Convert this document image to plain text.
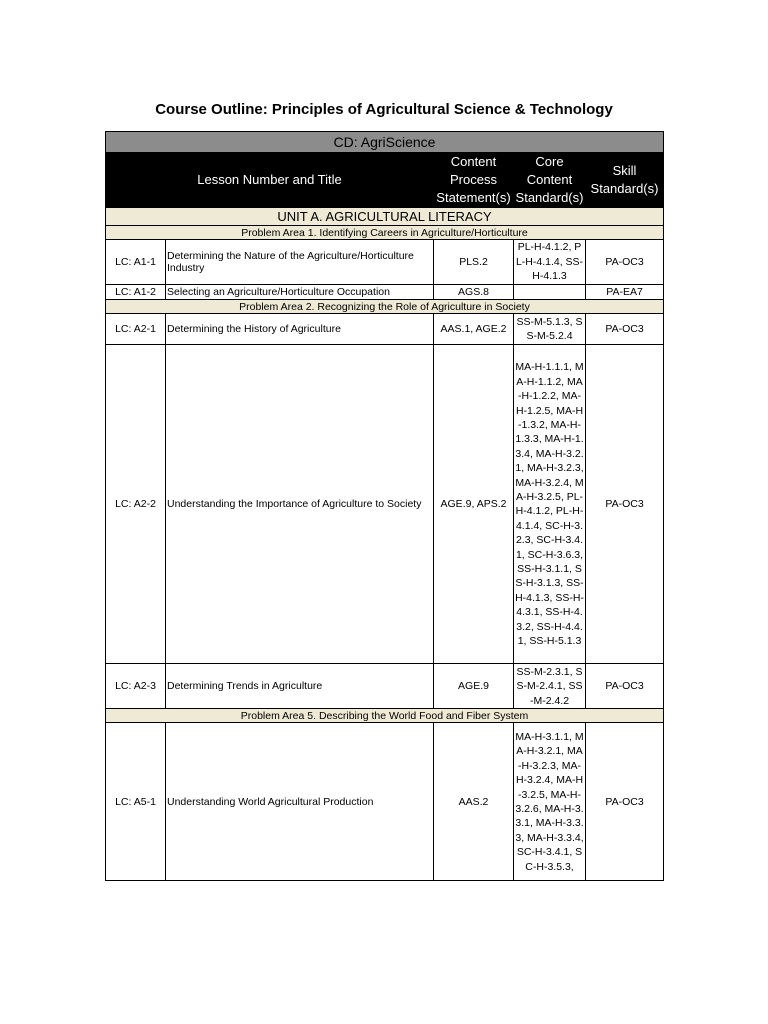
Course Outline: Principles of Agricultural Science & Technology
CD: AgriScience				
Lesson Number and Title		Content Process Statement(s)	Core Content Standard(s)	Skill Standard(s)
UNIT A. AGRICULTURAL LITERACY				
Problem Area 1. Identifying Careers in Agriculture/Horticulture				
LC: A1-1	Determining the Nature of the Agriculture/Horticulture Industry	PLS.2	PL-H-4.1.2, PL-H-4.1.4, SS-H-4.1.3	PA-OC3
LC: A1-2	Selecting an Agriculture/Horticulture Occupation	AGS.8		PA-EA7
Problem Area 2. Recognizing the Role of Agriculture in Society				
LC: A2-1	Determining the History of Agriculture	AAS.1, AGE.2	SS-M-5.1.3, SS-M-5.2.4	PA-OC3
LC: A2-2	Understanding the Importance of Agriculture to Society	AGE.9, APS.2	MA-H-1.1.1, MA-H-1.1.2, MA-H-1.2.2, MA-H-1.2.5, MA-H-1.3.2, MA-H-1.3.3, MA-H-1.3.4, MA-H-3.2.1, MA-H-3.2.3, MA-H-3.2.4, MA-H-3.2.5, PL-H-4.1.2, PL-H-4.1.4, SC-H-3.2.3, SC-H-3.4.1, SC-H-3.6.3, SS-H-3.1.1, SS-H-3.1.3, SS-H-4.1.3, SS-H-4.3.1, SS-H-4.3.2, SS-H-4.4.1, SS-H-5.1.3	PA-OC3
LC: A2-3	Determining Trends in Agriculture	AGE.9	SS-M-2.3.1, SS-M-2.4.1, SS-M-2.4.2	PA-OC3
Problem Area 5. Describing the World Food and Fiber System				
LC: A5-1	Understanding World Agricultural Production	AAS.2	MA-H-3.1.1, MA-H-3.2.1, MA-H-3.2.3, MA-H-3.2.4, MA-H-3.2.5, MA-H-3.2.6, MA-H-3.3.1, MA-H-3.3.3, MA-H-3.3.4, SC-H-3.4.1, SC-H-3.5.3,	PA-OC3
